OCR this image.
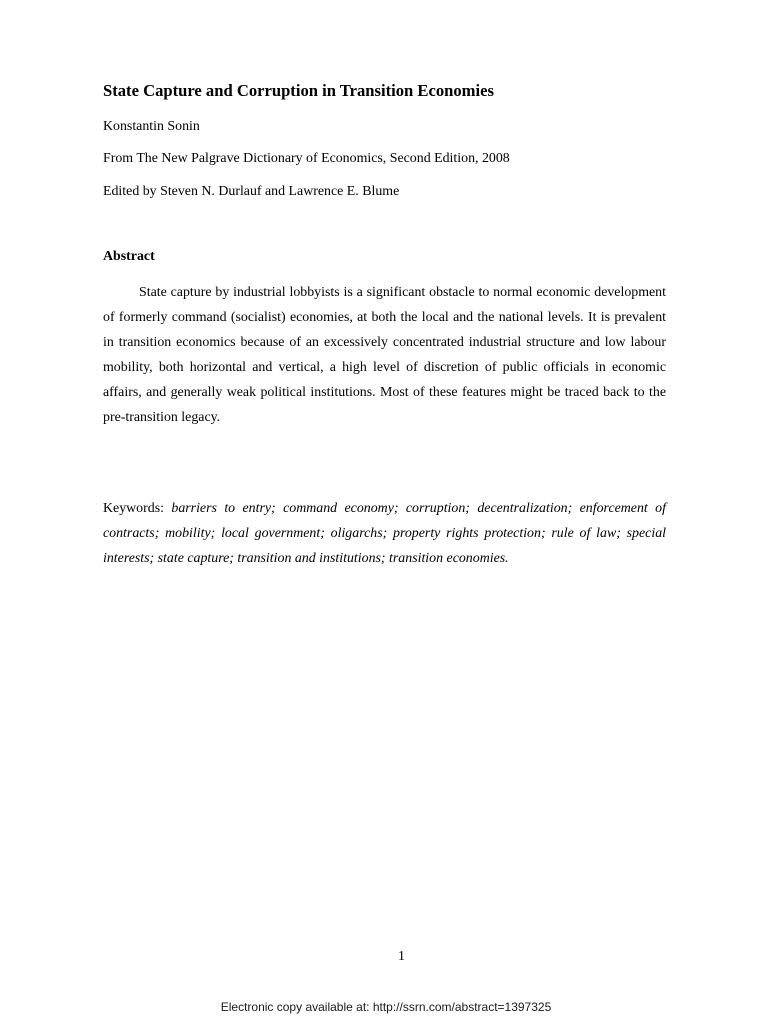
State Capture and Corruption in Transition Economies
Konstantin Sonin
From The New Palgrave Dictionary of Economics, Second Edition, 2008
Edited by Steven N. Durlauf and Lawrence E. Blume
Abstract

State capture by industrial lobbyists is a significant obstacle to normal economic development of formerly command (socialist) economies, at both the local and the national levels. It is prevalent in transition economics because of an excessively concentrated industrial structure and low labour mobility, both horizontal and vertical, a high level of discretion of public officials in economic affairs, and generally weak political institutions. Most of these features might be traced back to the pre-transition legacy.

Keywords: barriers to entry; command economy; corruption; decentralization; enforcement of contracts; mobility; local government; oligarchs; property rights protection; rule of law; special interests; state capture; transition and institutions; transition economies.

1
Electronic copy available at: http://ssrn.com/abstract=1397325
